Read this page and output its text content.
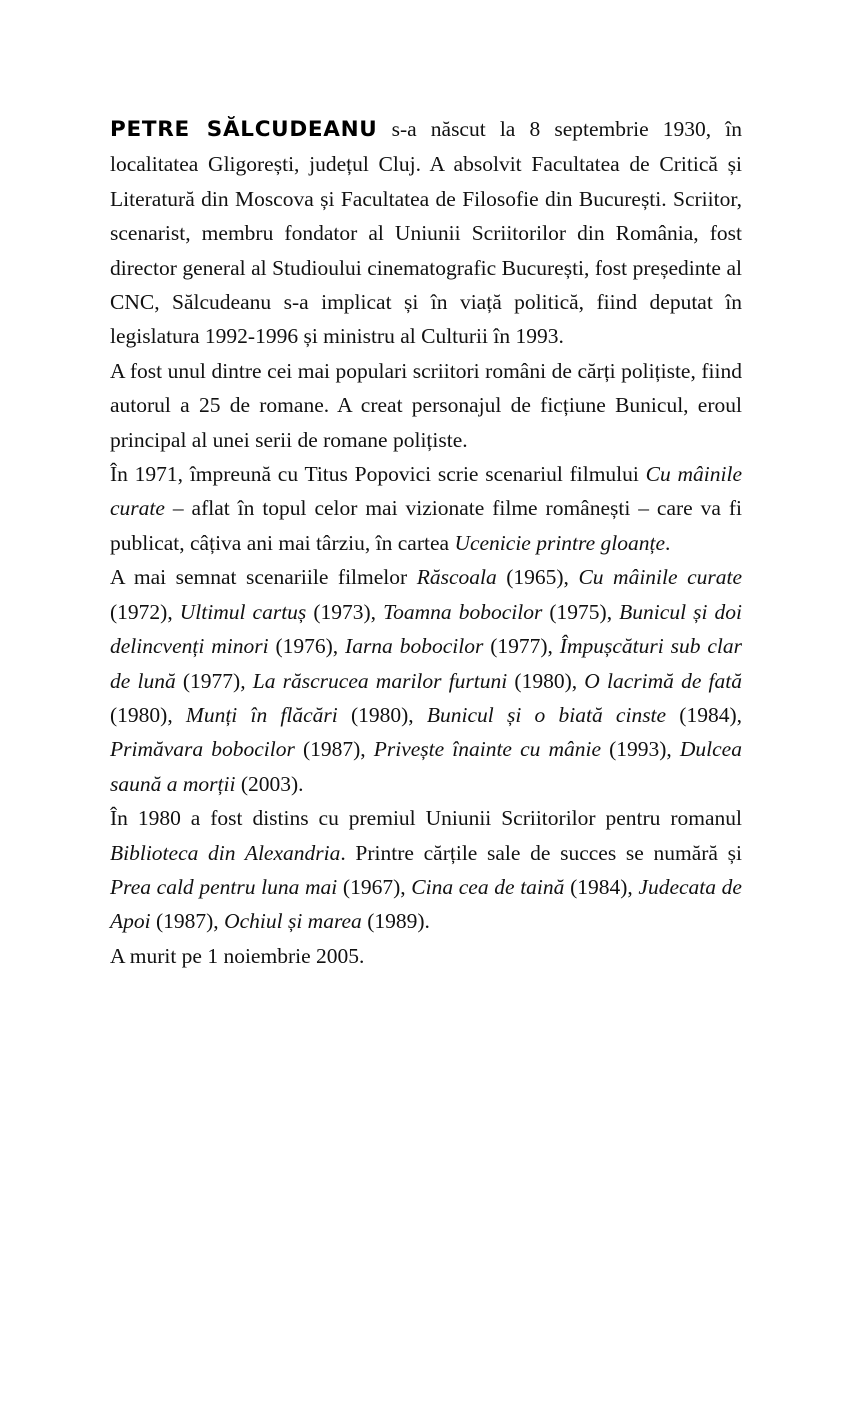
PETRE SĂLCUDEANU s-a născut la 8 septembrie 1930, în localitatea Gligorești, județul Cluj. A absolvit Facultatea de Critică și Literatură din Moscova și Facultatea de Filosofie din București. Scriitor, scenarist, membru fondator al Uniunii Scriitorilor din România, fost director general al Studioului cinematografic București, fost președinte al CNC, Sălcudeanu s-a implicat și în viață politică, fiind deputat în legislatura 1992-1996 și ministru al Culturii în 1993.

A fost unul dintre cei mai populari scriitori români de cărți polițiste, fiind autorul a 25 de romane. A creat personajul de ficțiune Bunicul, eroul principal al unei serii de romane polițiste.

În 1971, împreună cu Titus Popovici scrie scenariul filmului Cu mâinile curate – aflat în topul celor mai vizionate filme românești – care va fi publicat, câțiva ani mai târziu, în cartea Ucenicie printre gloanțe.

A mai semnat scenariile filmelor Răscoala (1965), Cu mâinile curate (1972), Ultimul cartuș (1973), Toamna bobocilor (1975), Bunicul și doi delincvenți minori (1976), Iarna bobocilor (1977), Împușcături sub clar de lună (1977), La răscrucea marilor furtuni (1980), O lacrimă de fată (1980), Munți în flăcări (1980), Bunicul și o biată cinste (1984), Primăvara bobocilor (1987), Privește înainte cu mânie (1993), Dulcea saună a morții (2003).

În 1980 a fost distins cu premiul Uniunii Scriitorilor pentru romanul Biblioteca din Alexandria. Printre cărțile sale de succes se numără și Prea cald pentru luna mai (1967), Cina cea de taină (1984), Judecata de Apoi (1987), Ochiul și marea (1989).

A murit pe 1 noiembrie 2005.
